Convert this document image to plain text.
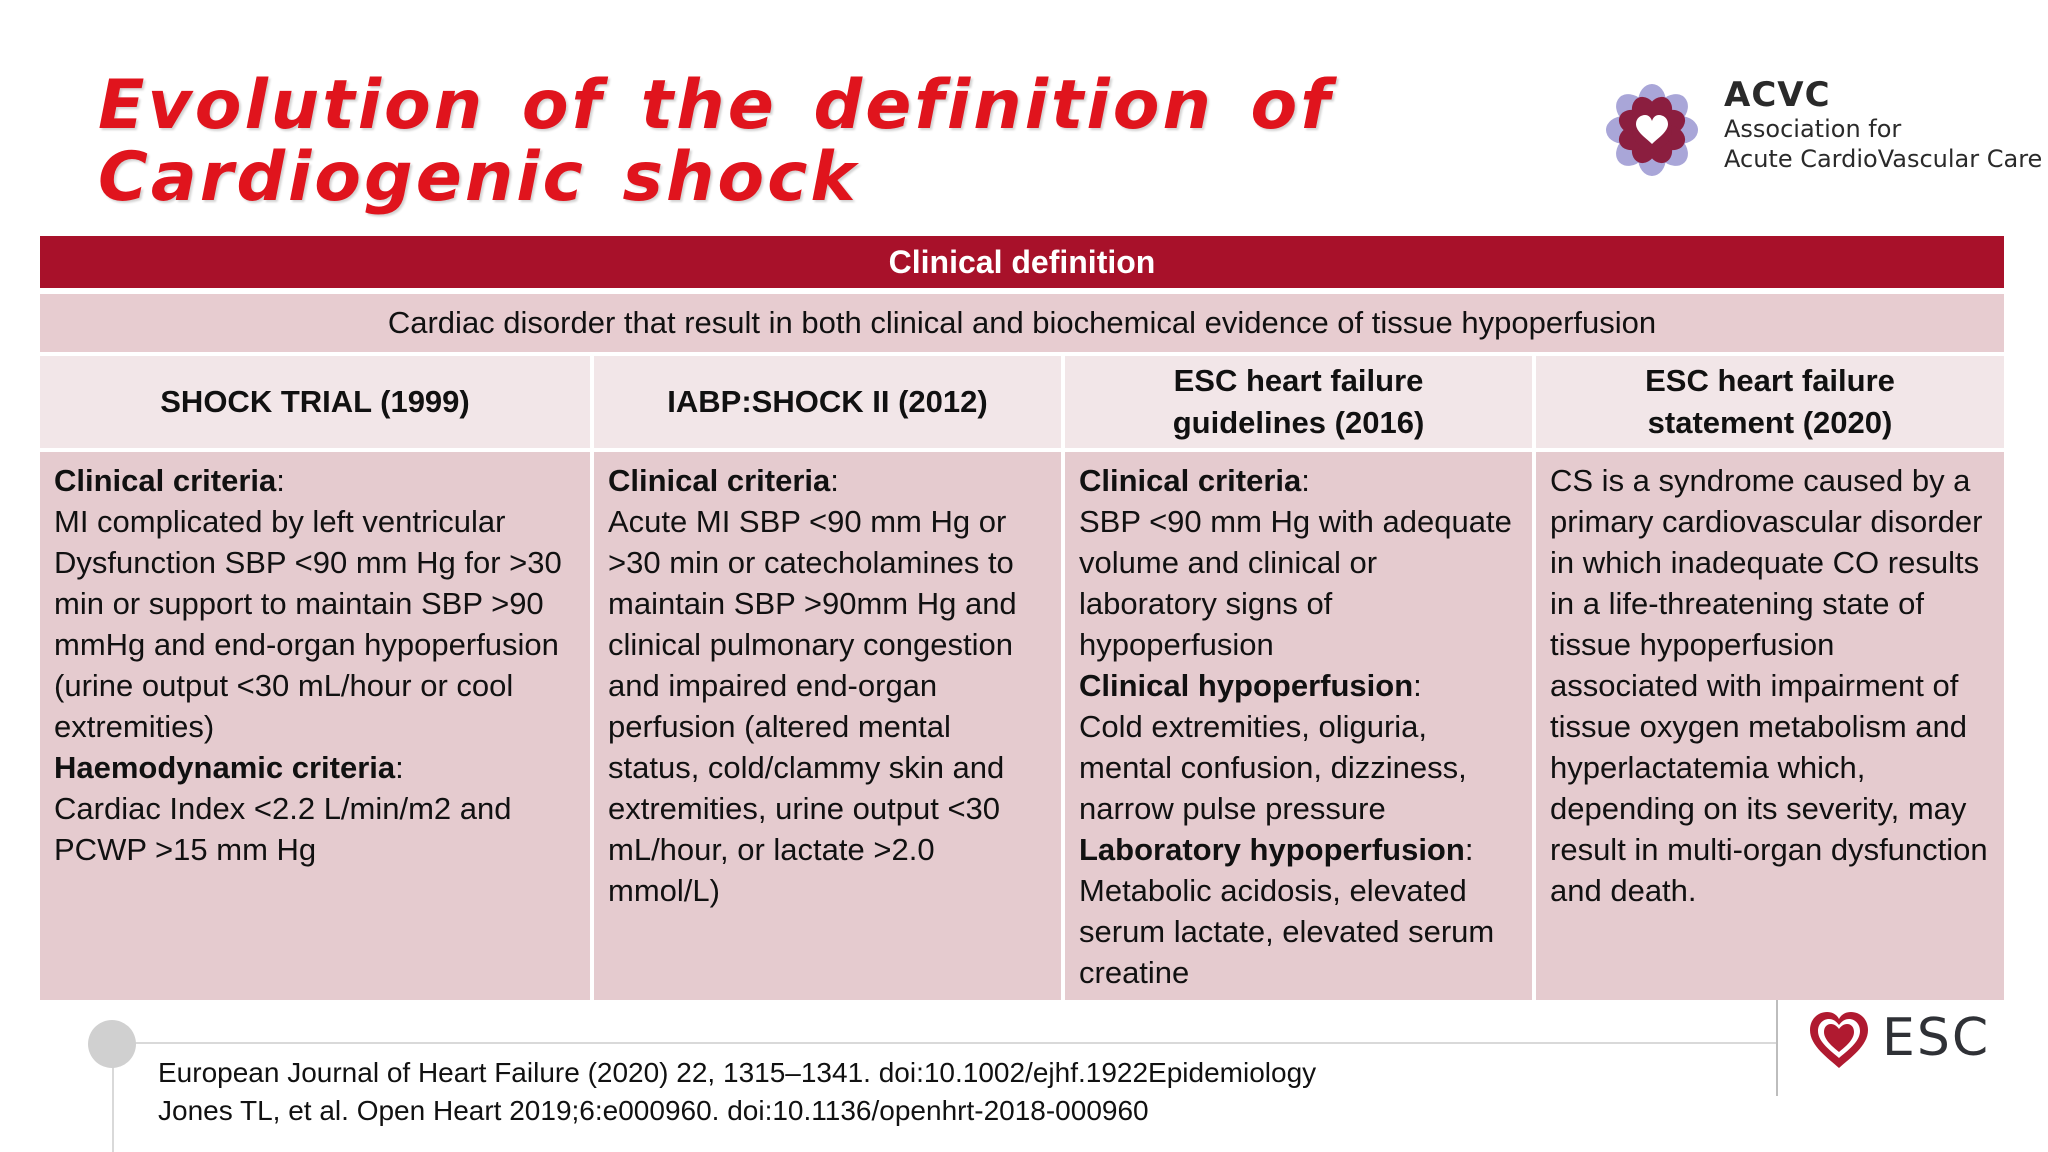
Evolution of the definition of
Cardiogenic shock
ACVC
Association for
Acute CardioVascular Care
Clinical definition
Cardiac disorder that result in both clinical and biochemical evidence of tissue hypoperfusion
SHOCK TRIAL (1999)	IABP:SHOCK II (2012)
ESC heart failure
guidelines (2016)
ESC heart failure
statement (2020)

Clinical criteria:

MI complicated by left ventricular Dysfunction SBP <90 mm Hg for >30 min or support to maintain SBP >90 mmHg and end-organ hypoperfusion (urine output <30 mL/hour or cool extremities)

Haemodynamic criteria:

Cardiac Index <2.2 L/min/m2 and PCWP >15 mm Hg

Clinical criteria:

Acute MI SBP <90 mm Hg or >30 min or catecholamines to maintain SBP >90mm Hg and clinical pulmonary congestion and impaired end-organ perfusion (altered mental status, cold/clammy skin and extremities, urine output <30 mL/hour, or lactate >2.0 mmol/L)

Clinical criteria:

SBP <90 mm Hg with adequate volume and clinical or laboratory signs of hypoperfusion

Clinical hypoperfusion:

Cold extremities, oliguria, mental confusion, dizziness, narrow pulse pressure

Laboratory hypoperfusion:

Metabolic acidosis, elevated serum lactate, elevated serum creatine

CS is a syndrome caused by a primary cardiovascular disorder in which inadequate CO results in a life-threatening state of tissue hypoperfusion associated with impairment of tissue oxygen metabolism and hyperlactatemia which, depending on its severity, may result in multi-organ dysfunction and death.

European Journal of Heart Failure (2020) 22, 1315–1341. doi:10.1002/ejhf.1922Epidemiology
Jones TL, et al. Open Heart 2019;6:e000960. doi:10.1136/openhrt-2018-000960
ESC
